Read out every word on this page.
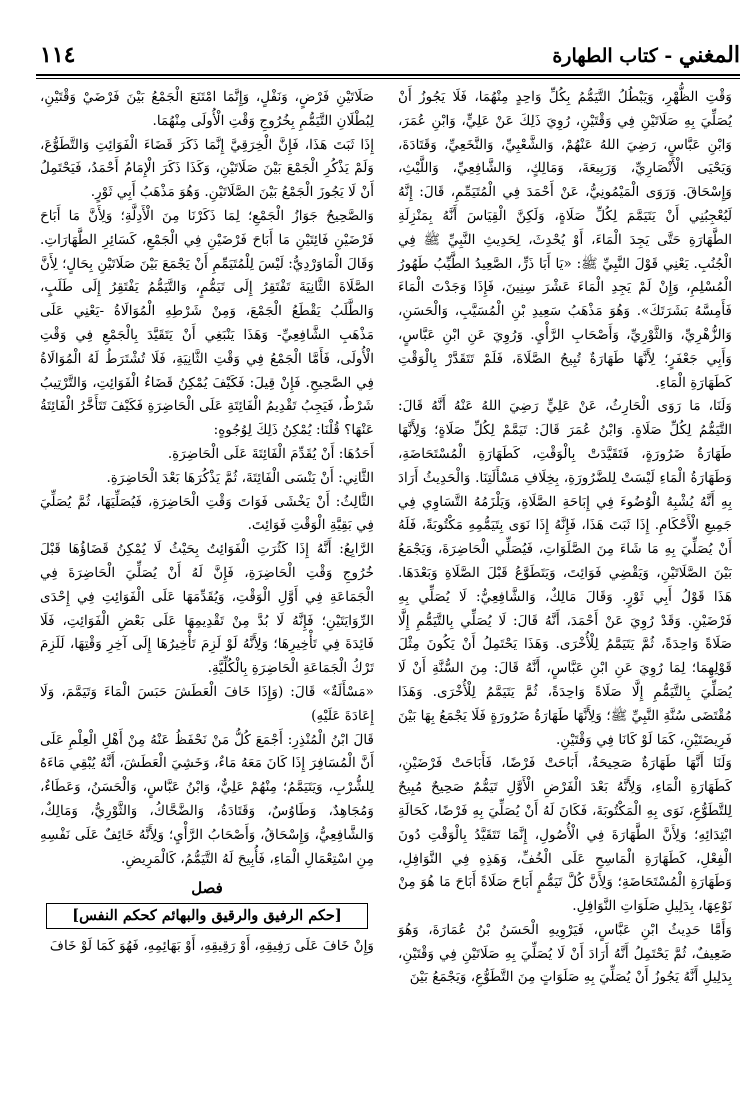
١١٤	المغني - كتاب الطهارة

وَقْتِ الظُّهْرِ، وَيَبْطُلُ التَّيَمُّمُ بِكُلِّ وَاحِدٍ مِنْهُمَا، فَلَا يَجُوزُ أَنْ يُصَلِّيَ بِهِ صَلَاتَيْنِ فِي وَقْتَيْنِ، رُوِيَ ذَلِكَ عَنْ عَلِيٍّ، وَابْنِ عُمَرَ، وَابْنِ عَبَّاسٍ، رَضِيَ اللهُ عَنْهُمْ، وَالشَّعْبِيِّ، وَالنَّخَعِيِّ، وَقَتَادَةَ، وَيَحْيَى الْأَنْصَارِيِّ، وَرَبِيعَةَ، وَمَالِكٍ، وَالشَّافِعِيِّ، وَاللَّيْثِ، وَإِسْحَاقَ. وَرَوَى الْمَيْمُونِيُّ، عَنْ أَحْمَدَ فِي الْمُتَيَمِّمِ، قَالَ: إِنَّهُ لَيُعْجِبُنِي أَنْ يَتَيَمَّمَ لِكُلِّ صَلَاةٍ، وَلَكِنَّ الْقِيَاسَ أَنَّهُ بِمَنْزِلَةِ الطَّهَارَةِ حَتَّى يَجِدَ الْمَاءَ، أَوْ يُحْدِثَ، لِحَدِيثِ النَّبِيِّ ﷺ فِي الْجُنُبِ. يَعْنِي قَوْلَ النَّبِيِّ ﷺ: «يَا أَبَا ذَرٍّ، الصَّعِيدُ الطَّيِّبُ طَهُورُ الْمُسْلِمِ، وَإِنْ لَمْ يَجِدِ الْمَاءَ عَشْرَ سِنِينَ، فَإِذَا وَجَدْتَ الْمَاءَ فَأَمِسَّهُ بَشَرَتَكَ». وَهُوَ مَذْهَبُ سَعِيدِ بْنِ الْمُسَيَّبِ، وَالْحَسَنِ، وَالزُّهْرِيِّ، وَالثَّوْرِيِّ، وَأَصْحَابِ الرَّأْيِ. وَرُوِيَ عَنِ ابْنِ عَبَّاسٍ، وَأَبِي جَعْفَرٍ؛ لِأَنَّهَا طَهَارَةٌ تُبِيحُ الصَّلَاةَ، فَلَمْ تَتَقَدَّرْ بِالْوَقْتِ كَطَهَارَةِ الْمَاءِ.

وَلَنَا، مَا رَوَى الْحَارِثُ، عَنْ عَلِيٍّ رَضِيَ اللهُ عَنْهُ أَنَّهُ قَالَ: التَّيَمُّمُ لِكُلِّ صَلَاةٍ. وَابْنُ عُمَرَ قَالَ: تَيَمَّمْ لِكُلِّ صَلَاةٍ؛ وَلِأَنَّهَا طَهَارَةُ ضَرُورَةٍ، فَتَقَيَّدَتْ بِالْوَقْتِ، كَطَهَارَةِ الْمُسْتَحَاضَةِ، وَطَهَارَةُ الْمَاءِ لَيْسَتْ لِلضَّرُورَةِ، بِخِلَافِ مَسْأَلَتِنَا. وَالْحَدِيثُ أَرَادَ بِهِ أَنَّهُ يُشْبِهُ الْوُضُوءَ فِي إِبَاحَةِ الصَّلَاةِ، وَيَلْزَمُهُ التَّسَاوِي فِي جَمِيعِ الْأَحْكَامِ. إِذَا ثَبَتَ هَذَا، فَإِنَّهُ إِذَا نَوَى بِتَيَمُّمِهِ مَكْتُوبَةً، فَلَهُ أَنْ يُصَلِّيَ بِهِ مَا شَاءَ مِنَ الصَّلَوَاتِ، فَيُصَلِّي الْحَاضِرَةَ، وَيَجْمَعُ بَيْنَ الصَّلَاتَيْنِ، وَيَقْضِي فَوَائِتَ، وَيَتَطَوَّعُ قَبْلَ الصَّلَاةِ وَبَعْدَهَا. هَذَا قَوْلُ أَبِي ثَوْرٍ. وَقَالَ مَالِكٌ، وَالشَّافِعِيُّ: لَا يُصَلِّي بِهِ فَرْضَيْنِ. وَقَدْ رُوِيَ عَنْ أَحْمَدَ، أَنَّهُ قَالَ: لَا يُصَلِّي بِالتَّيَمُّمِ إِلَّا صَلَاةً وَاحِدَةً، ثُمَّ يَتَيَمَّمُ لِلْأُخْرَى. وَهَذَا يَحْتَمِلُ أَنْ يَكُونَ مِثْلَ قَوْلِهِمَا؛ لِمَا رُوِيَ عَنِ ابْنِ عَبَّاسٍ، أَنَّهُ قَالَ: مِنَ السُّنَّةِ أَنْ لَا يُصَلِّيَ بِالتَّيَمُّمِ إِلَّا صَلَاةً وَاحِدَةً، ثُمَّ يَتَيَمَّمُ لِلْأُخْرَى. وَهَذَا مُقْتَضَى سُنَّةِ النَّبِيِّ ﷺ؛ وَلِأَنَّهَا طَهَارَةُ ضَرُورَةٍ فَلَا يَجْمَعُ بِهَا بَيْنَ فَرِيضَتَيْنِ، كَمَا لَوْ كَانَا فِي وَقْتَيْنِ.

وَلَنَا أَنَّهَا طَهَارَةٌ صَحِيحَةٌ، أَبَاحَتْ فَرْضًا، فَأَبَاحَتْ فَرْضَيْنِ، كَطَهَارَةِ الْمَاءِ، وَلِأَنَّهُ بَعْدَ الْفَرْضِ الْأَوَّلِ تَيَمُّمٌ صَحِيحٌ مُبِيحٌ لِلتَّطَوُّعِ، نَوَى بِهِ الْمَكْتُوبَةَ، فَكَانَ لَهُ أَنْ يُصَلِّيَ بِهِ فَرْضًا، كَحَالَةِ ابْتِدَائِهِ؛ وَلِأَنَّ الطَّهَارَةَ فِي الْأُصُولِ، إِنَّمَا تَتَقَيَّدُ بِالْوَقْتِ دُونَ الْفِعْلِ، كَطَهَارَةِ الْمَاسِحِ عَلَى الْخُفِّ، وَهَذِهِ فِي النَّوَافِلِ، وَطَهَارَةِ الْمُسْتَحَاضَةِ؛ وَلِأَنَّ كُلَّ تَيَمُّمٍ أَبَاحَ صَلَاةً أَبَاحَ مَا هُوَ مِنْ نَوْعِهَا، بِدَلِيلِ صَلَوَاتِ النَّوَافِلِ.

وَأَمَّا حَدِيثُ ابْنِ عَبَّاسٍ، فَيَرْوِيهِ الْحَسَنُ بْنُ عُمَارَةَ، وَهُوَ ضَعِيفٌ، ثُمَّ يَحْتَمِلُ أَنَّهُ أَرَادَ أَنْ لَا يُصَلِّيَ بِهِ صَلَاتَيْنِ فِي وَقْتَيْنِ، بِدَلِيلِ أَنَّهُ يَجُوزُ أَنْ يُصَلِّيَ بِهِ صَلَوَاتٍ مِنَ التَّطَوُّعِ، وَيَجْمَعُ بَيْنَ

صَلَاتَيْنِ فَرْضٍ، وَنَفْلٍ، وَإِنَّمَا امْتَنَعَ الْجَمْعُ بَيْنَ فَرْضَيْ وَقْتَيْنِ، لِبُطْلَانِ التَّيَمُّمِ بِخُرُوجِ وَقْتِ الْأُولَى مِنْهُمَا.

إِذَا ثَبَتَ هَذَا، فَإِنَّ الْخِرَقِيَّ إِنَّمَا ذَكَرَ قَضَاءَ الْفَوَائِتِ وَالتَّطَوُّعَ، وَلَمْ يَذْكُرِ الْجَمْعَ بَيْنَ صَلَاتَيْنِ، وَكَذَا ذَكَرَ الْإِمَامُ أَحْمَدُ، فَيَحْتَمِلُ أَنْ لَا يَجُوزَ الْجَمْعُ بَيْنَ الصَّلَاتَيْنِ. وَهُوَ مَذْهَبُ أَبِي ثَوْرٍ.

وَالصَّحِيحُ جَوَازُ الْجَمْعِ؛ لِمَا ذَكَرْنَا مِنَ الْأَدِلَّةِ؛ وَلِأَنَّ مَا أَبَاحَ فَرْضَيْنِ فَائِتَيْنِ مَا أَبَاحَ فَرْضَيْنِ فِي الْجَمْعِ، كَسَائِرِ الطَّهَارَاتِ. وَقَالَ الْمَاوَرْدِيُّ: لَيْسَ لِلْمُتَيَمِّمِ أَنْ يَجْمَعَ بَيْنَ صَلَاتَيْنِ بِحَالٍ؛ لِأَنَّ الصَّلَاةَ الثَّانِيَةَ تَفْتَقِرُ إِلَى تَيَمُّمٍ، وَالتَّيَمُّمُ يَفْتَقِرُ إِلَى طَلَبٍ، وَالطَّلَبُ يَقْطَعُ الْجَمْعَ، وَمِنْ شَرْطِهِ الْمُوَالَاةُ -يَعْنِي عَلَى مَذْهَبِ الشَّافِعِيِّ- وَهَذَا يَنْبَغِي أَنْ يَتَقَيَّدَ بِالْجَمْعِ فِي وَقْتِ الْأُولَى، فَأَمَّا الْجَمْعُ فِي وَقْتِ الثَّانِيَةِ، فَلَا تُشْتَرَطُ لَهُ الْمُوَالَاةُ فِي الصَّحِيحِ. فَإِنْ قِيلَ: فَكَيْفَ يُمْكِنُ قَضَاءُ الْفَوَائِتِ، وَالتَّرْتِيبُ شَرْطٌ، فَيَجِبُ تَقْدِيمُ الْفَائِتَةِ عَلَى الْحَاضِرَةِ فَكَيْفَ تَتَأَخَّرُ الْفَائِتَةُ عَنْهَا؟ قُلْنَا: يُمْكِنُ ذَلِكَ لِوُجُوهٍ:

أَحَدُهَا: أَنْ يُقَدِّمَ الْفَائِتَةَ عَلَى الْحَاضِرَةِ.

الثَّانِي: أَنْ يَنْسَى الْفَائِتَةَ، ثُمَّ يَذْكُرَهَا بَعْدَ الْحَاضِرَةِ.

الثَّالِثُ: أَنْ يَخْشَى فَوَاتَ وَقْتِ الْحَاضِرَةِ، فَيُصَلِّيَهَا، ثُمَّ يُصَلِّيَ فِي بَقِيَّةِ الْوَقْتِ فَوَائِتَ.

الرَّابِعُ: أَنَّهُ إِذَا كَثُرَتِ الْفَوَائِتُ بِحَيْثُ لَا يُمْكِنُ قَضَاؤُهَا قَبْلَ خُرُوجِ وَقْتِ الْحَاضِرَةِ، فَإِنَّ لَهُ أَنْ يُصَلِّيَ الْحَاضِرَةَ فِي الْجَمَاعَةِ فِي أَوَّلِ الْوَقْتِ، وَيُقَدِّمَهَا عَلَى الْفَوَائِتِ فِي إِحْدَى الرِّوَايَتَيْنِ؛ فَإِنَّهُ لَا بُدَّ مِنْ تَقْدِيمِهَا عَلَى بَعْضِ الْفَوَائِتِ، فَلَا فَائِدَةَ فِي تَأْخِيرِهَا؛ وَلِأَنَّهُ لَوْ لَزِمَ تَأْخِيرُهَا إِلَى آخِرِ وَقْتِهَا، لَلَزِمَ تَرْكُ الْجَمَاعَةِ الْحَاضِرَةِ بِالْكُلِّيَّةِ.

«مَسْأَلَةٌ» قَالَ: (وَإِذَا خَافَ الْعَطَشَ حَبَسَ الْمَاءَ وَتَيَمَّمَ، وَلَا إِعَادَةَ عَلَيْهِ)

قَالَ ابْنُ الْمُنْذِرِ: أَجْمَعَ كُلُّ مَنْ نَحْفَظُ عَنْهُ مِنْ أَهْلِ الْعِلْمِ عَلَى أَنَّ الْمُسَافِرَ إِذَا كَانَ مَعَهُ مَاءٌ، وَخَشِيَ الْعَطَشَ، أَنَّهُ يُبْقِي مَاءَهُ لِلشُّرْبِ، وَيَتَيَمَّمُ؛ مِنْهُمْ عَلِيٌّ، وَابْنُ عَبَّاسٍ، وَالْحَسَنُ، وَعَطَاءٌ، وَمُجَاهِدٌ، وَطَاوُسٌ، وَقَتَادَةُ، وَالضَّحَّاكُ، وَالثَّوْرِيُّ، وَمَالِكٌ، وَالشَّافِعِيُّ، وَإِسْحَاقُ، وَأَصْحَابُ الرَّأْيِ؛ وَلِأَنَّهُ خَائِفٌ عَلَى نَفْسِهِ مِنِ اسْتِعْمَالِ الْمَاءِ، فَأُبِيحَ لَهُ التَّيَمُّمُ، كَالْمَرِيضِ.

فصل
[حكم الرفيق والرقيق والبهائم كحكم النفس]

وَإِنْ خَافَ عَلَى رَفِيقِهِ، أَوْ رَقِيقِهِ، أَوْ بَهَائِمِهِ، فَهُوَ كَمَا لَوْ خَافَ
